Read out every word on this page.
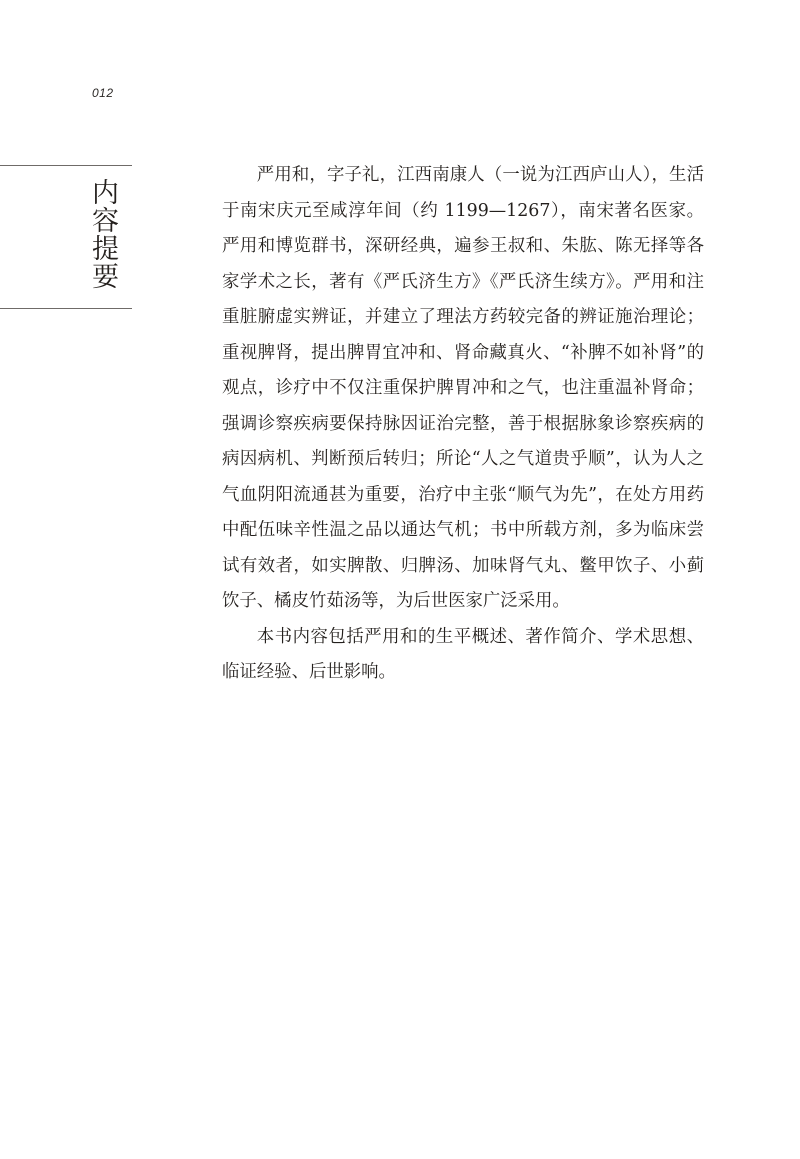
012
内容提要

严用和，字子礼，江西南康人（一说为江西庐山人），生活于南宋庆元至咸淳年间（约 1199—1267），南宋著名医家。严用和博览群书，深研经典，遍参王叔和、朱肱、陈无择等各家学术之长，著有《严氏济生方》《严氏济生续方》。严用和注重脏腑虚实辨证，并建立了理法方药较完备的辨证施治理论；重视脾肾，提出脾胃宜冲和、肾命藏真火、“补脾不如补肾”的观点，诊疗中不仅注重保护脾胃冲和之气，也注重温补肾命；强调诊察疾病要保持脉因证治完整，善于根据脉象诊察疾病的病因病机、判断预后转归；所论“人之气道贵乎顺”，认为人之气血阴阳流通甚为重要，治疗中主张“顺气为先”，在处方用药中配伍味辛性温之品以通达气机；书中所载方剂，多为临床尝试有效者，如实脾散、归脾汤、加味肾气丸、鳖甲饮子、小蓟饮子、橘皮竹茹汤等，为后世医家广泛采用。

本书内容包括严用和的生平概述、著作简介、学术思想、临证经验、后世影响。
